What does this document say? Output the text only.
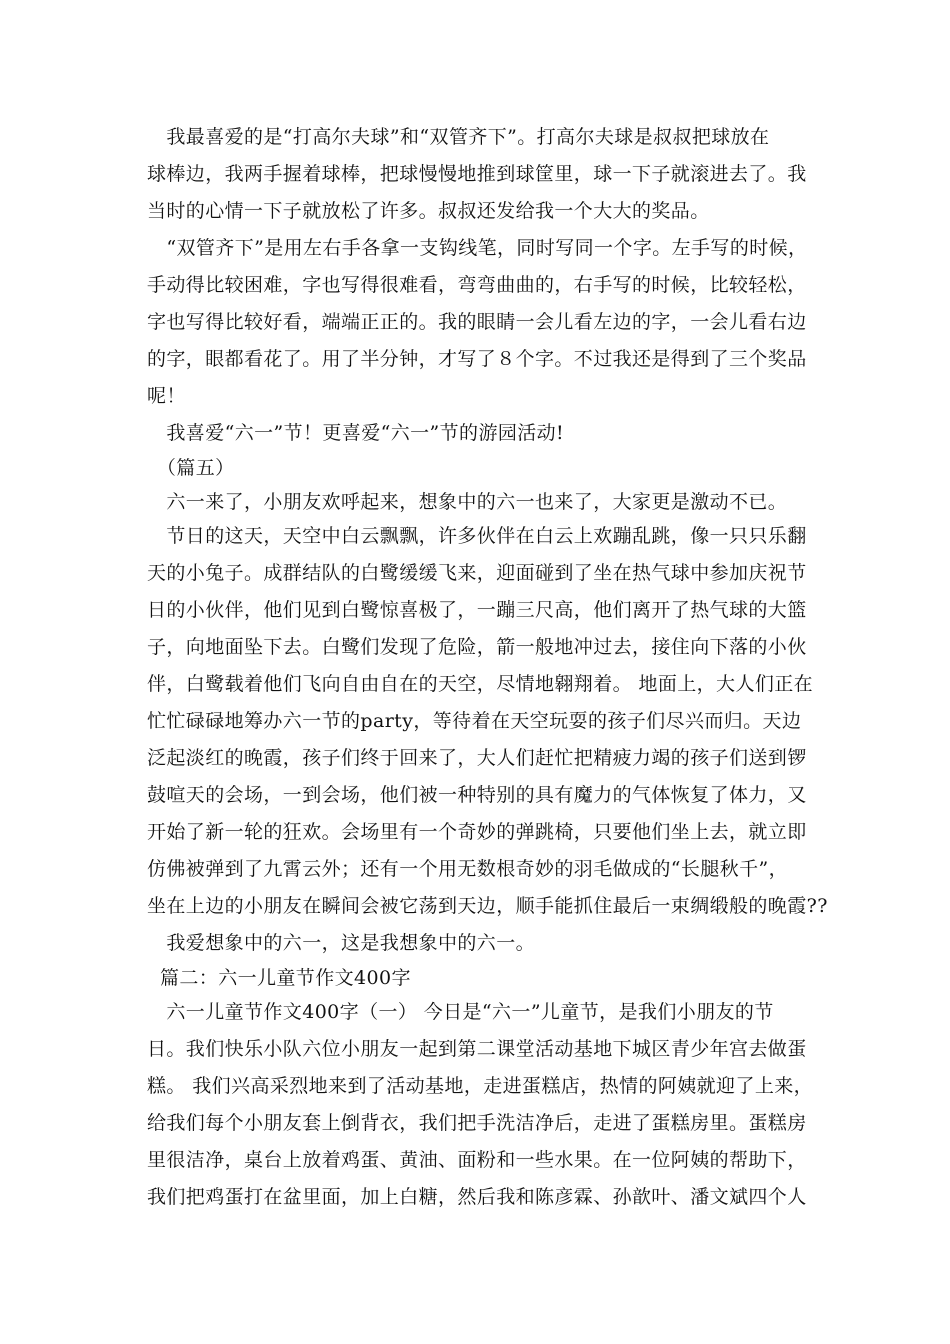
　我最喜爱的是“打高尔夫球”和“双管齐下”。打高尔夫球是叔叔把球放在
球棒边，我两手握着球棒，把球慢慢地推到球筐里，球一下子就滚进去了。我
当时的心情一下子就放松了许多。叔叔还发给我一个大大的奖品。
　“双管齐下”是用左右手各拿一支钩线笔，同时写同一个字。左手写的时候，
手动得比较困难，字也写得很难看，弯弯曲曲的，右手写的时候，比较轻松，
字也写得比较好看，端端正正的。我的眼睛一会儿看左边的字，一会儿看右边
的字，眼都看花了。用了半分钟，才写了８个字。不过我还是得到了三个奖品
呢！
　我喜爱“六一”节！更喜爱“六一”节的游园活动!
　（篇五）
　六一来了，小朋友欢呼起来，想象中的六一也来了，大家更是激动不已。
　节日的这天，天空中白云飘飘，许多伙伴在白云上欢蹦乱跳，像一只只乐翻
天的小兔子。成群结队的白鹭缓缓飞来，迎面碰到了坐在热气球中参加庆祝节
日的小伙伴，他们见到白鹭惊喜极了，一蹦三尺高，他们离开了热气球的大篮
子，向地面坠下去。白鹭们发现了危险，箭一般地冲过去，接住向下落的小伙
伴，白鹭载着他们飞向自由自在的天空，尽情地翱翔着。 地面上，大人们正在
忙忙碌碌地筹办六一节的party，等待着在天空玩耍的孩子们尽兴而归。天边
泛起淡红的晚霞，孩子们终于回来了，大人们赶忙把精疲力竭的孩子们送到锣
鼓喧天的会场，一到会场，他们被一种特别的具有魔力的气体恢复了体力，又
开始了新一轮的狂欢。会场里有一个奇妙的弹跳椅，只要他们坐上去，就立即
仿佛被弹到了九霄云外；还有一个用无数根奇妙的羽毛做成的“长腿秋千”，
坐在上边的小朋友在瞬间会被它荡到天边，顺手能抓住最后一束绸缎般的晚霞??
　我爱想象中的六一，这是我想象中的六一。
篇二：六一儿童节作文400字
　六一儿童节作文400字（一） 今日是“六一”儿童节，是我们小朋友的节
日。我们快乐小队六位小朋友一起到第二课堂活动基地下城区青少年宫去做蛋
糕。 我们兴高采烈地来到了活动基地，走进蛋糕店，热情的阿姨就迎了上来，
给我们每个小朋友套上倒背衣，我们把手洗洁净后，走进了蛋糕房里。蛋糕房
里很洁净，桌台上放着鸡蛋、黄油、面粉和一些水果。在一位阿姨的帮助下，
我们把鸡蛋打在盆里面，加上白糖，然后我和陈彦霖、孙歆叶、潘文斌四个人
